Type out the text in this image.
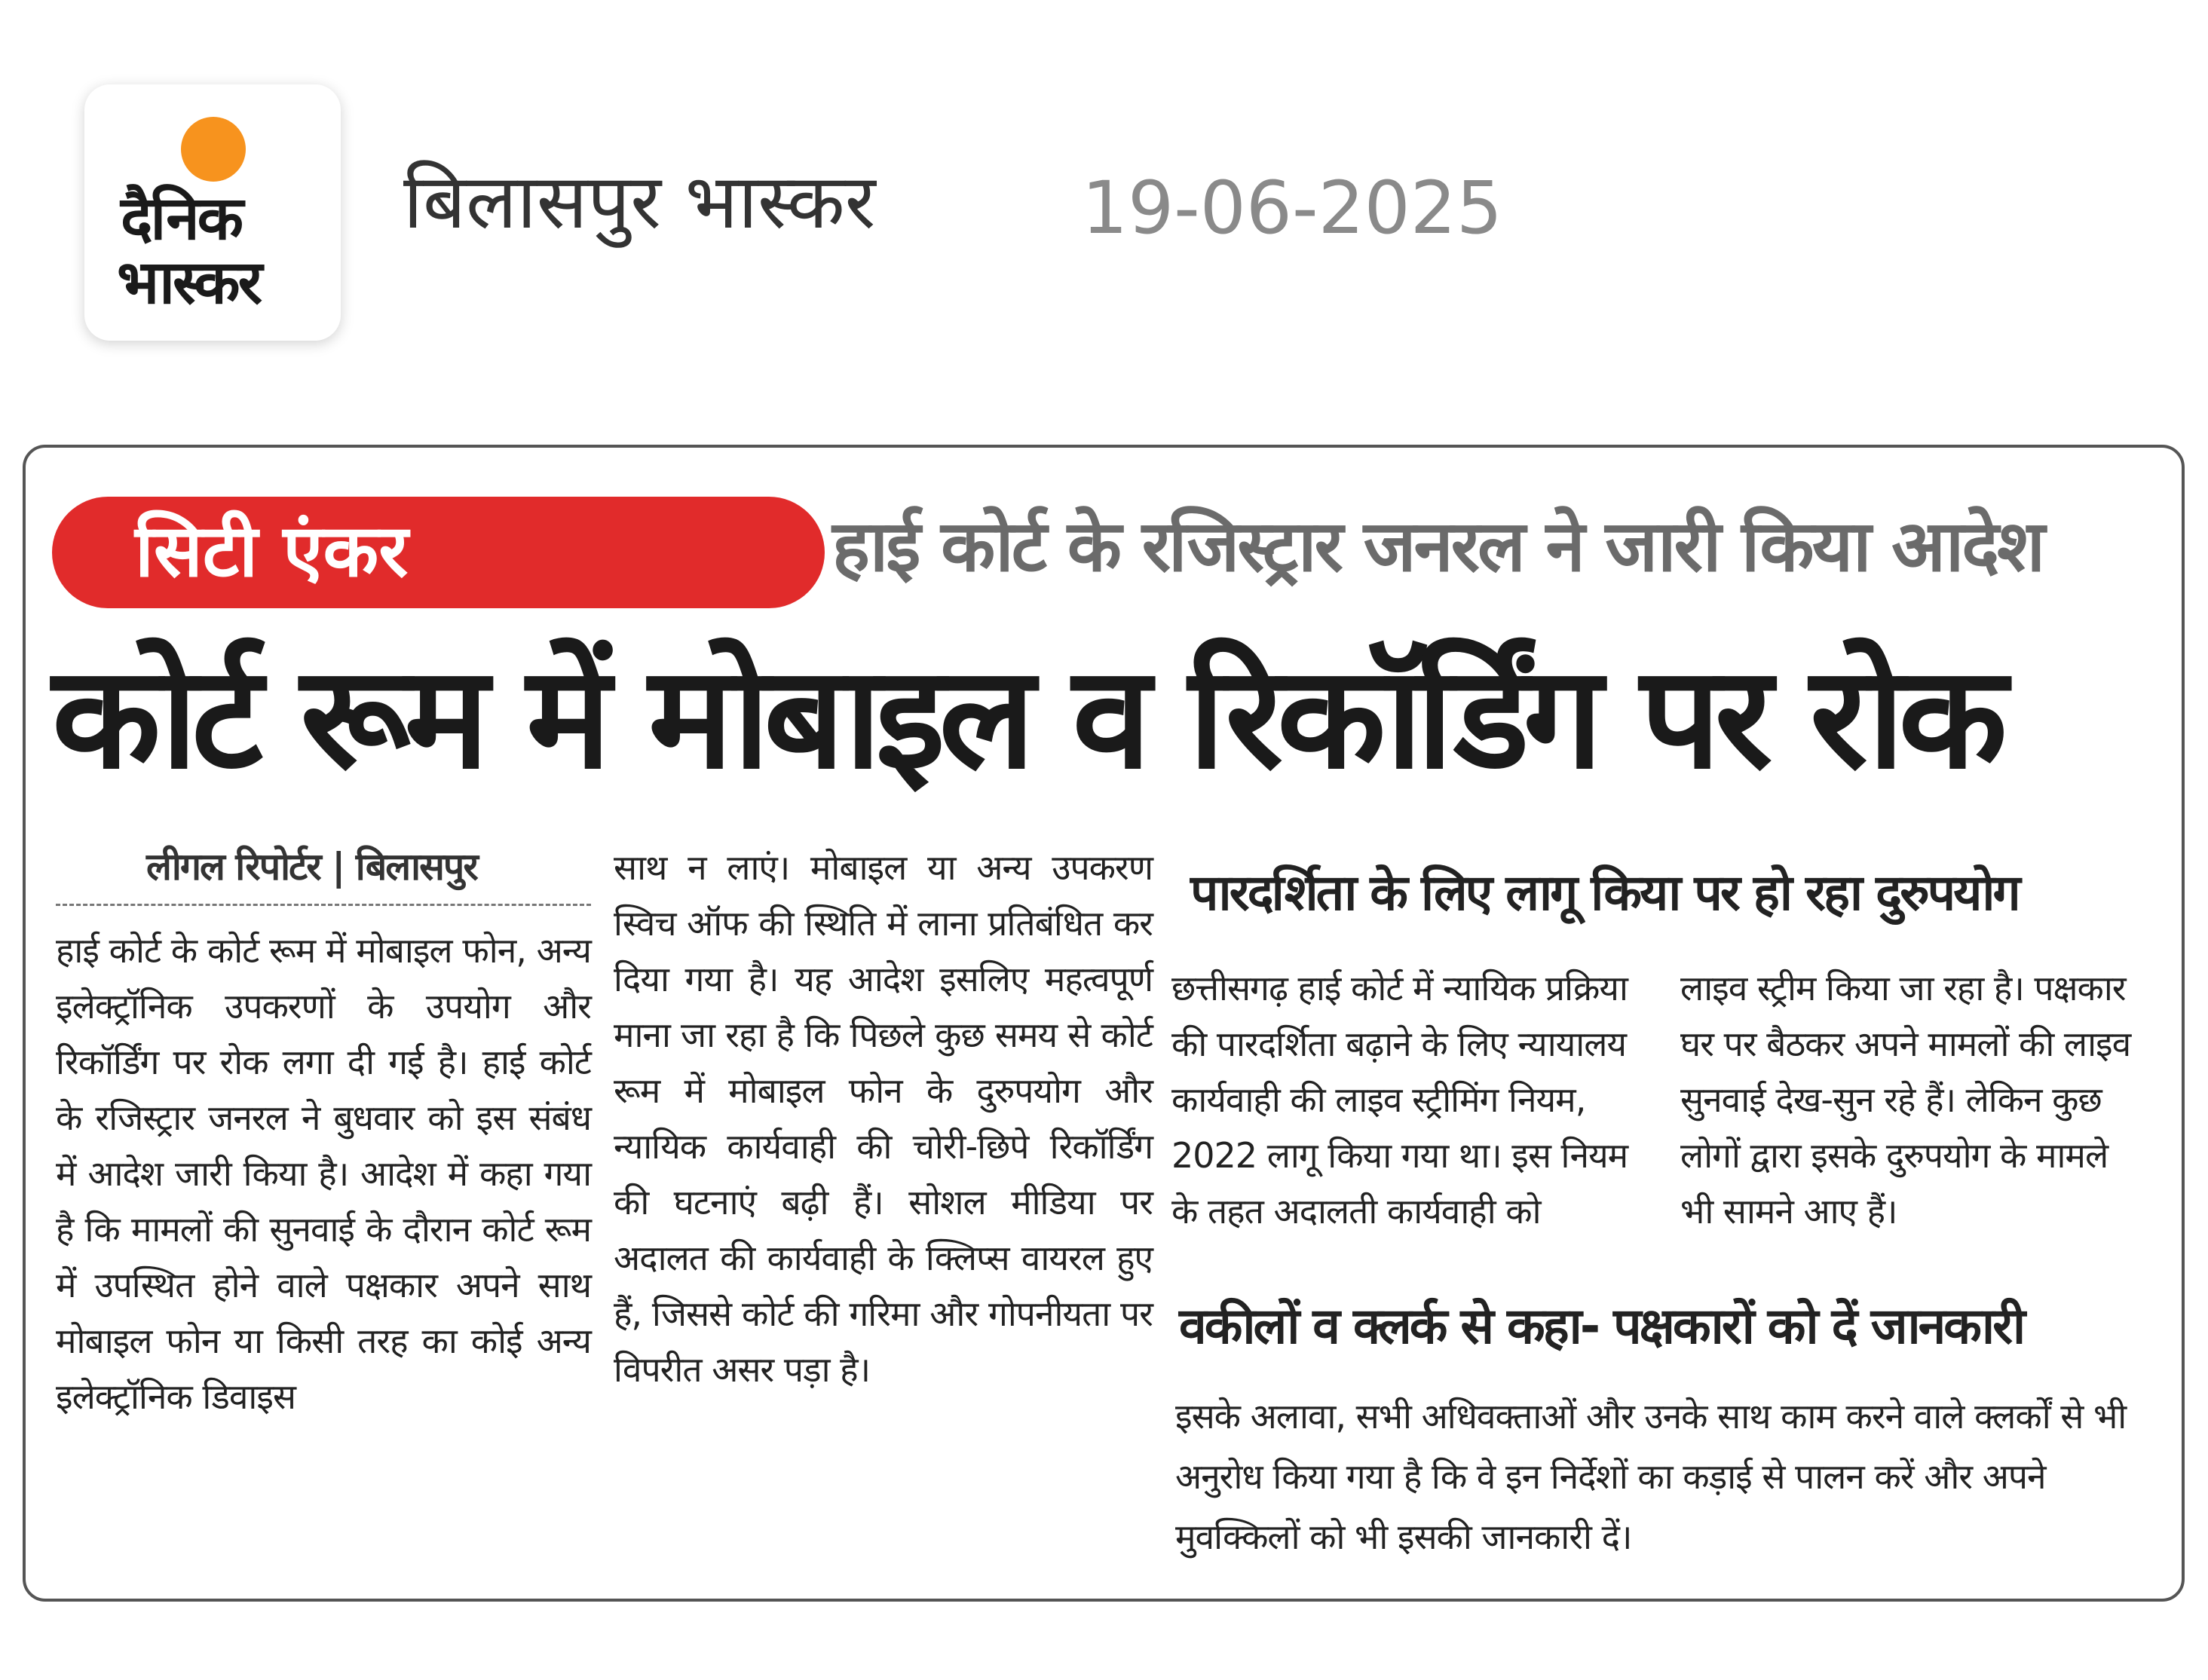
दैनिक
भास्कर
बिलासपुर भास्कर	19-06-2025
सिटी एंकर	हाई कोर्ट के रजिस्ट्रार जनरल ने जारी किया आदेश
कोर्ट रूम में मोबाइल व रिकॉर्डिंग पर रोक
लीगल रिपोर्टर | बिलासपुर
हाई कोर्ट के कोर्ट रूम में मोबाइल फोन, अन्य इलेक्ट्रॉनिक उपकरणों के उपयोग और रिकॉर्डिंग पर रोक लगा दी गई है। हाई कोर्ट के रजिस्ट्रार जनरल ने बुधवार को इस संबंध में आदेश जारी किया है। आदेश में कहा गया है कि मामलों की सुनवाई के दौरान कोर्ट रूम में उपस्थित होने वाले पक्षकार अपने साथ मोबाइल फोन या किसी तरह का कोई अन्य इलेक्ट्रॉनिक डिवाइस
साथ न लाएं। मोबाइल या अन्य उपकरण स्विच ऑफ की स्थिति में लाना प्रतिबंधित कर दिया गया है। यह आदेश इसलिए महत्वपूर्ण माना जा रहा है कि पिछले कुछ समय से कोर्ट रूम में मोबाइल फोन के दुरुपयोग और न्यायिक कार्यवाही की चोरी-छिपे रिकॉर्डिंग की घटनाएं बढ़ी हैं। सोशल मीडिया पर अदालत की कार्यवाही के क्लिप्स वायरल हुए हैं, जिससे कोर्ट की गरिमा और गोपनीयता पर विपरीत असर पड़ा है।
पारदर्शिता के लिए लागू किया पर हो रहा दुरुपयोग
छत्तीसगढ़ हाई कोर्ट में न्यायिक प्रक्रिया की पारदर्शिता बढ़ाने के लिए न्यायालय कार्यवाही की लाइव स्ट्रीमिंग नियम, 2022 लागू किया गया था। इस नियम के तहत अदालती कार्यवाही को
लाइव स्ट्रीम किया जा रहा है। पक्षकार घर पर बैठकर अपने मामलों की लाइव सुनवाई देख-सुन रहे हैं। लेकिन कुछ लोगों द्वारा इसके दुरुपयोग के मामले भी सामने आए हैं।
वकीलों व क्लर्क से कहा- पक्षकारों को दें जानकारी
इसके अलावा, सभी अधिवक्ताओं और उनके साथ काम करने वाले क्लर्कों से भी अनुरोध किया गया है कि वे इन निर्देशों का कड़ाई से पालन करें और अपने मुवक्किलों को भी इसकी जानकारी दें।
